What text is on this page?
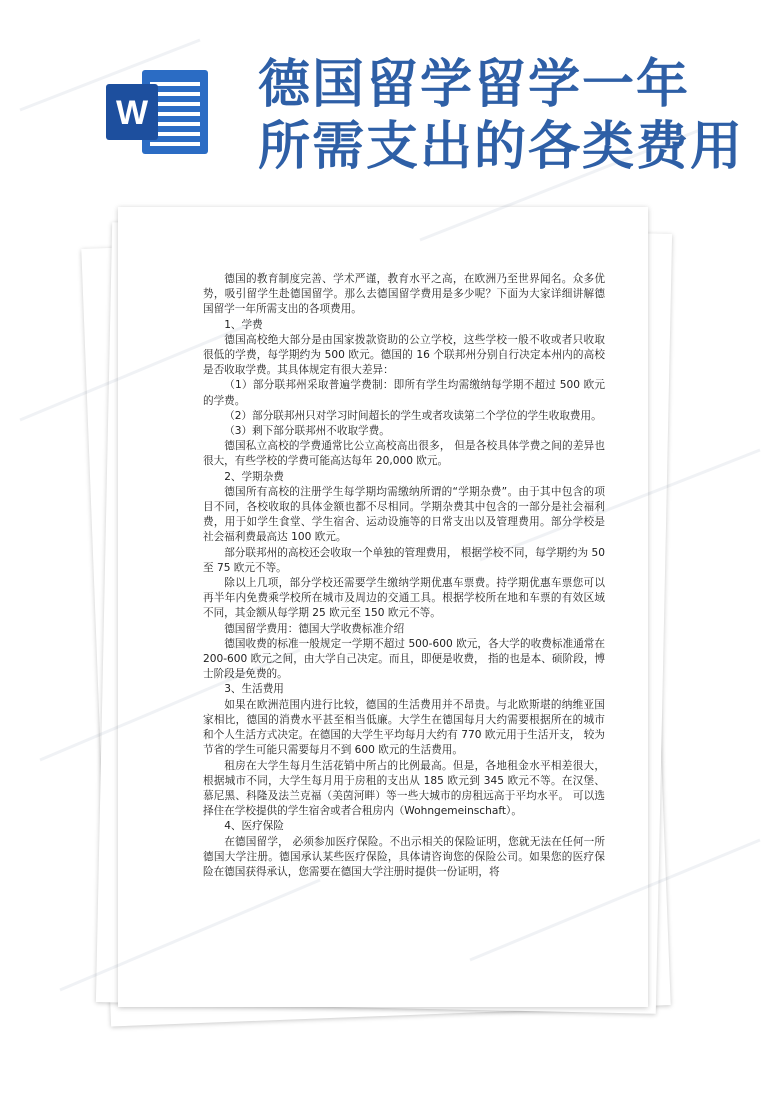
W 德国留学留学一年
所需支出的各类费用

德国的教育制度完善、学术严谨，教育水平之高，在欧洲乃至世界闻名。众多优势，吸引留学生赴德国留学。那么去德国留学费用是多少呢？下面为大家详细讲解德国留学一年所需支出的各项费用。

1、学费

德国高校绝大部分是由国家拨款资助的公立学校，这些学校一般不收或者只收取很低的学费，每学期约为 500 欧元。德国的 16 个联邦州分别自行决定本州内的高校是否收取学费。其具体规定有很大差异：

（1）部分联邦州采取普遍学费制：即所有学生均需缴纳每学期不超过 500 欧元的学费。

（2）部分联邦州只对学习时间超长的学生或者攻读第二个学位的学生收取费用。

（3）剩下部分联邦州不收取学费。

德国私立高校的学费通常比公立高校高出很多， 但是各校具体学费之间的差异也很大，有些学校的学费可能高达每年 20,000 欧元。

2、学期杂费

德国所有高校的注册学生每学期均需缴纳所谓的“学期杂费”。由于其中包含的项目不同，各校收取的具体金额也都不尽相同。学期杂费其中包含的一部分是社会福利费，用于如学生食堂、学生宿舍、运动设施等的日常支出以及管理费用。部分学校是社会福利费最高达 100 欧元。

部分联邦州的高校还会收取一个单独的管理费用， 根据学校不同，每学期约为 50 至 75 欧元不等。

除以上几项，部分学校还需要学生缴纳学期优惠车票费。持学期优惠车票您可以再半年内免费乘学校所在城市及周边的交通工具。根据学校所在地和车票的有效区域不同，其金额从每学期 25 欧元至 150 欧元不等。

德国留学费用：德国大学收费标准介绍

德国收费的标准一般规定一学期不超过 500-600 欧元，各大学的收费标准通常在 200-600 欧元之间，由大学自己决定。而且，即便是收费， 指的也是本、硕阶段，博士阶段是免费的。

3、生活费用

如果在欧洲范围内进行比较，德国的生活费用并不昂贵。与北欧斯堪的纳维亚国家相比，德国的消费水平甚至相当低廉。大学生在德国每月大约需要根据所在的城市和个人生活方式决定。在德国的大学生平均每月大约有 770 欧元用于生活开支， 较为节省的学生可能只需要每月不到 600 欧元的生活费用。

租房在大学生每月生活花销中所占的比例最高。但是，各地租金水平相差很大， 根据城市不同，大学生每月用于房租的支出从 185 欧元到 345 欧元不等。在汉堡、慕尼黑、科隆及法兰克福（美茵河畔）等一些大城市的房租远高于平均水平。 可以选择住在学校提供的学生宿舍或者合租房内（Wohngemeinschaft）。

4、医疗保险

在德国留学， 必须参加医疗保险。不出示相关的保险证明，您就无法在任何一所德国大学注册。德国承认某些医疗保险，具体请咨询您的保险公司。如果您的医疗保险在德国获得承认，您需要在德国大学注册时提供一份证明，将
